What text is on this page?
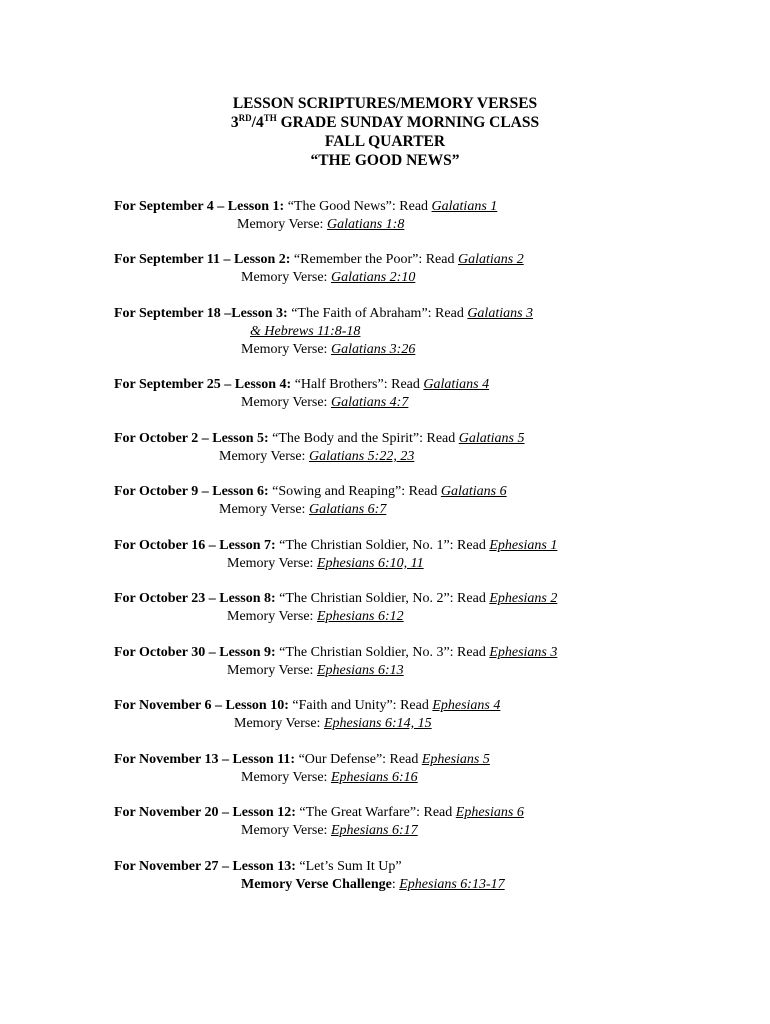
LESSON SCRIPTURES/MEMORY VERSES
3RD/4TH GRADE SUNDAY MORNING CLASS
FALL QUARTER
“THE GOOD NEWS”
For September 4 – Lesson 1: “The Good News”: Read Galatians 1
Memory Verse: Galatians 1:8
For September 11 – Lesson 2: “Remember the Poor”: Read Galatians 2
Memory Verse: Galatians 2:10
For September 18 –Lesson 3: “The Faith of Abraham”: Read Galatians 3
& Hebrews 11:8-18
Memory Verse: Galatians 3:26
For September 25 – Lesson 4: “Half Brothers”: Read Galatians 4
Memory Verse: Galatians 4:7
For October 2 – Lesson 5: “The Body and the Spirit”: Read Galatians 5
Memory Verse: Galatians 5:22, 23
For October 9 – Lesson 6: “Sowing and Reaping”: Read Galatians 6
Memory Verse: Galatians 6:7
For October 16 – Lesson 7: “The Christian Soldier, No. 1”: Read Ephesians 1
Memory Verse: Ephesians 6:10, 11
For October 23 – Lesson 8: “The Christian Soldier, No. 2”: Read Ephesians 2
Memory Verse: Ephesians 6:12
For October 30 – Lesson 9: “The Christian Soldier, No. 3”: Read Ephesians 3
Memory Verse: Ephesians 6:13
For November 6 – Lesson 10: “Faith and Unity”: Read Ephesians 4
Memory Verse: Ephesians 6:14, 15
For November 13 – Lesson 11: “Our Defense”: Read Ephesians 5
Memory Verse: Ephesians 6:16
For November 20 – Lesson 12: “The Great Warfare”: Read Ephesians 6
Memory Verse: Ephesians 6:17
For November 27 – Lesson 13: “Let’s Sum It Up”
Memory Verse Challenge: Ephesians 6:13-17
